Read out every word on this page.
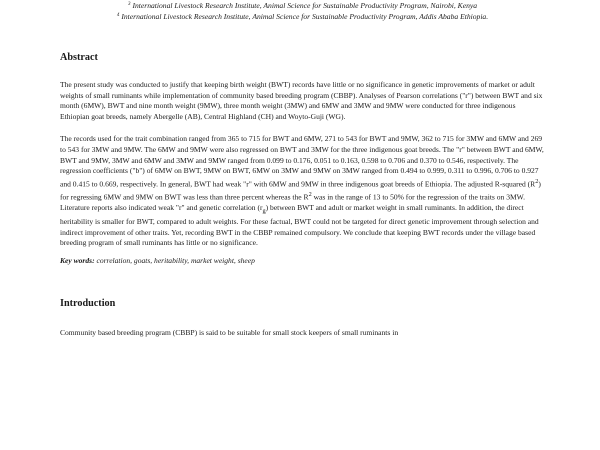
$^3$ International Livestock Research Institute, Animal Science for Sustainable Productivity Program, Nairobi, Kenya

$^4$ International Livestock Research Institute, Animal Science for Sustainable Productivity Program, Addis Ababa Ethiopia.

Abstract

The present study was conducted to justify that keeping birth weight (BWT) records have little or no significance in genetic improvements of market or adult weights of small ruminants while implementation of community based breeding program (CBBP). Analyses of Pearson correlations ("r") between BWT and six month (6MW), BWT and nine month weight (9MW), three month weight (3MW) and 6MW and 3MW and 9MW were conducted for three indigenous Ethiopian goat breeds, namely Abergelle (AB), Central Highland (CH) and Woyto-Guji (WG).

The records used for the trait combination ranged from 365 to 715 for BWT and 6MW, 271 to 543 for BWT and 9MW, 362 to 715 for 3MW and 6MW and 269 to 543 for 3MW and 9MW. The 6MW and 9MW were also regressed on BWT and 3MW for the three indigenous goat breeds. The "r" between BWT and 6MW, BWT and 9MW, 3MW and 6MW and 3MW and 9MW ranged from 0.099 to 0.176, 0.051 to 0.163, 0.598 to 0.706 and 0.370 to 0.546, respectively. The regression coefficients ("b") of 6MW on BWT, 9MW on BWT, 6MW on 3MW and 9MW on 3MW ranged from 0.494 to 0.999, 0.311 to 0.996, 0.706 to 0.927 and 0.415 to 0.669, respectively. In general, BWT had weak "r" with 6MW and 9MW in three indigenous goat breeds of Ethiopia. The adjusted R-squared $(R^2)$ for regressing 6MW and 9MW on BWT was less than three percent whereas the $R^2$ was in the range of 13 to 50% for the regression of the traits on 3MW. Literature reports also indicated weak "r" and genetic correlation $(r_g)$ between BWT and adult or market weight in small ruminants. In addition, the direct heritability is smaller for BWT, compared to adult weights. For these factual, BWT could not be targeted for direct genetic improvement through selection and indirect improvement of other traits. Yet, recording BWT in the CBBP remained compulsory. We conclude that keeping BWT records under the village based breeding program of small ruminants has little or no significance.

Key words: correlation, goats, heritability, market weight, sheep

Introduction

Community based breeding program (CBBP) is said to be suitable for small stock keepers of small ruminants in
